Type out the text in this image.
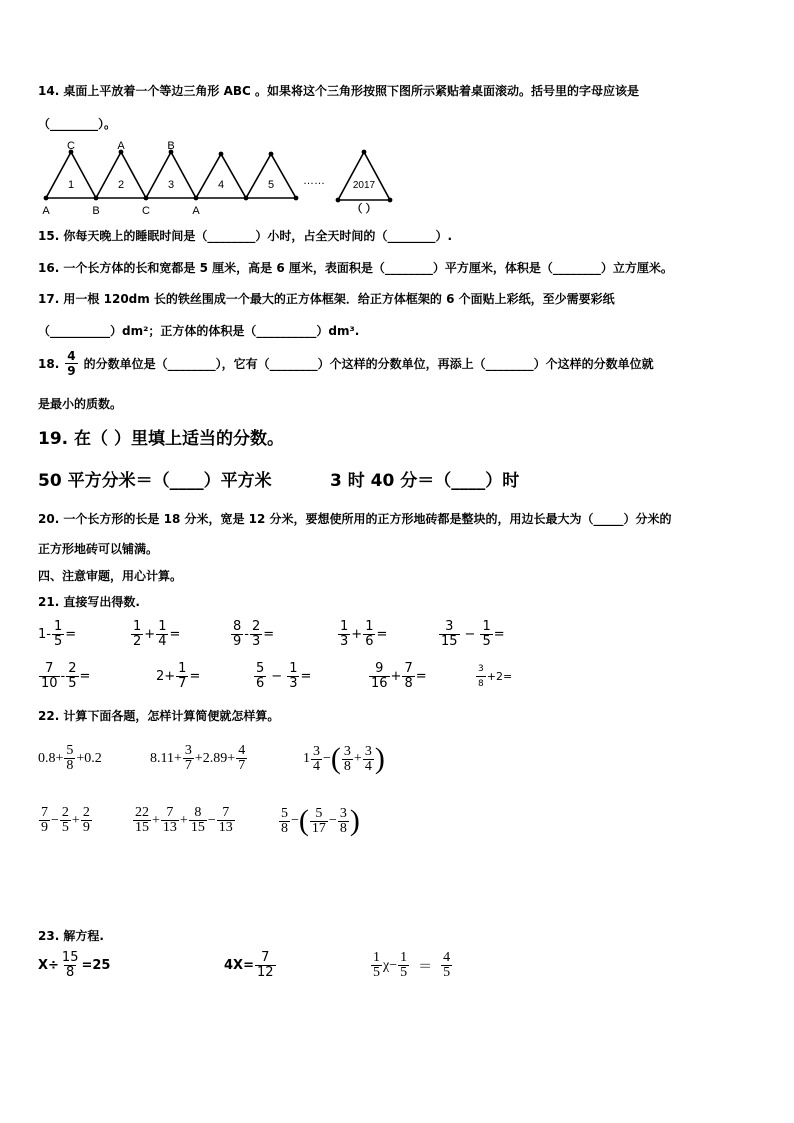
14. 桌面上平放着一个等边三角形 ABC 。如果将这个三角形按照下图所示紧贴着桌面滚动。括号里的字母应该是
（________）。
1	2	3	4	5
C	A	B
A	B	C	A
……	2017
（ ）
15. 你每天晚上的睡眠时间是（________）小时，占全天时间的（________）.
16. 一个长方体的长和宽都是 5 厘米，高是 6 厘米，表面积是（________）平方厘米，体积是（________）立方厘米。
17. 用一根 120dm 长的铁丝围成一个最大的正方体框架．给正方体框架的 6 个面贴上彩纸，至少需要彩纸
（__________）dm²；正方体的体积是（__________）dm³.
18. $\frac{4}{9}$ 的分数单位是（________），它有（________）个这样的分数单位，再添上（________）个这样的分数单位就
是最小的质数。
19. 在（ ）里填上适当的分数。
50 平方分米＝（____）平方米	3 时 40 分＝（____）时
20. 一个长方形的长是 18 分米，宽是 12 分米，要想使所用的正方形地砖都是整块的，用边长最大为（_____）分米的
正方形地砖可以铺满。
四、注意审题，用心计算。
21. 直接写出得数.
$1- \frac{1}{5}$ =	$\frac{1}{2} + \frac{1}{4}$ =	$\frac{8}{9} - \frac{2}{3}$ =	$\frac{1}{3} + \frac{1}{6}$ =	$\frac{3}{15} - \frac{1}{5}$ =
$\frac{7}{10} - \frac{2}{5}$ =	$2+ \frac{1}{7}$ =	$\frac{5}{6} - \frac{1}{3}$ =	$\frac{9}{16} + \frac{7}{8}$ =	$\frac{3}{8} +2=$
22. 计算下面各题，怎样计算简便就怎样算。
$0.8+ \frac{5}{8} +0.2$	$8.11+ \frac{3}{7} +2.89+ \frac{4}{7}$	$1 \frac{3}{4}$ − ( $\frac{3}{8} + \frac{3}{4}$ )
$\frac{7}{9} - \frac{2}{5} + \frac{2}{9}$	$\frac{22}{15} + \frac{7}{13} + \frac{8}{15} - \frac{7}{13}$	$\frac{5}{8}$ − ( $\frac{5}{17} - \frac{3}{8}$ )
23. 解方程.
$X\div \frac{15}{8} =25$	$4X= \frac{7}{12}$	$\frac{1}{5}$ $\chi - \frac{1}{5} = \frac{4}{5}$
